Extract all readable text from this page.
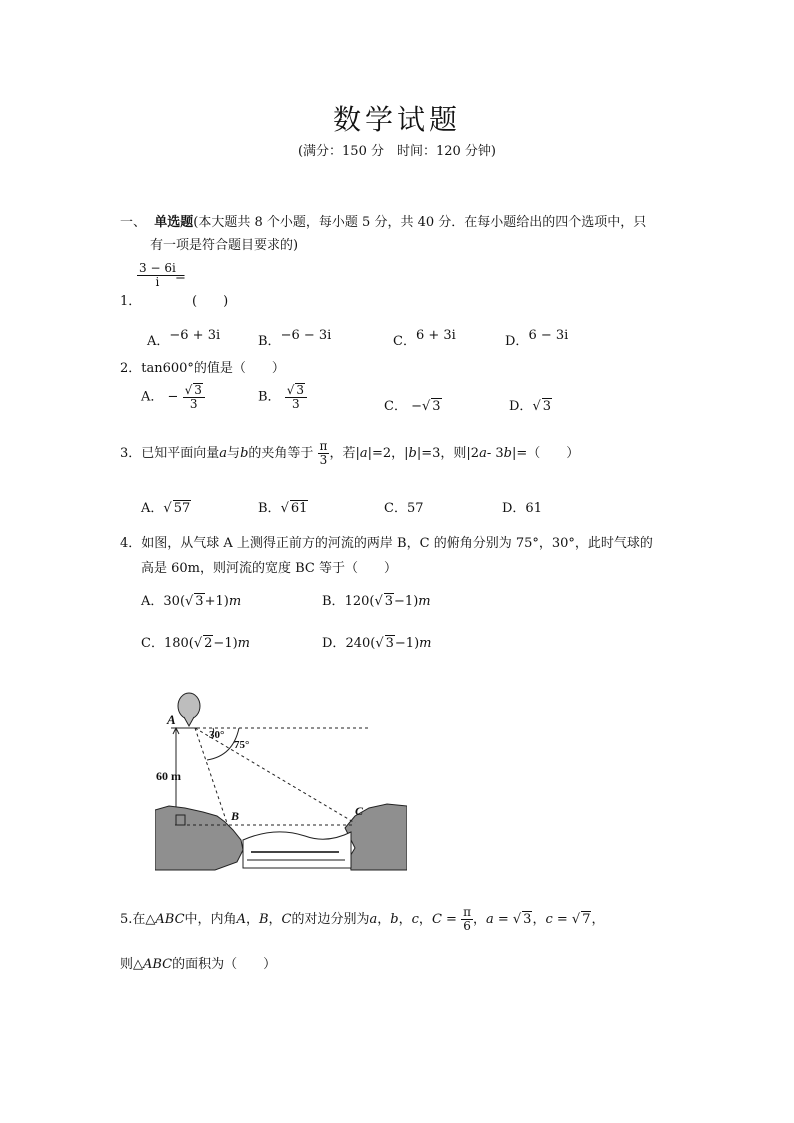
数学试题
(满分：150 分　时间：120 分钟)
一、 单选题(本大题共 8 个小题，每小题 5 分，共 40 分．在每小题给出的四个选项中，只
有一项是符合题目要求的)
$\frac{3 - 6i}{i}$
=
1．	(　　)
A．−6 + 3i	B．−6 − 3i	C．6 + 3i	D．6 − 3i
2．tan600°的值是（　　）
A． − $\frac{√ 3}{3}$	B． $\frac{√ 3}{3}$	C． −√ 3	D．√ 3
3．已知平面向量a与b的夹角等于 $\frac{\pi}{3}$ ，若|a|=2，|b|=3，则|2a- 3b|=（　　）
A．√ 57	B．√ 61	C．57	D．61
4．如图，从气球 A 上测得正前方的河流的两岸 B，C 的俯角分别为 75°，30°，此时气球的
高是 60m，则河流的宽度 BC 等于（　　）
A．30(√ 3+1)m	B．120(√ 3−1)m
C．180(√ 2−1)m	D．240(√ 3−1)m
A
30°
75°
60 m
B	C
5.在△ABC中，内角A，B，C的对边分别为a，b，c，$C = \frac{\pi}{6}$ ，a = √ 3，c = √ 7，
则△ABC的面积为（　　）
